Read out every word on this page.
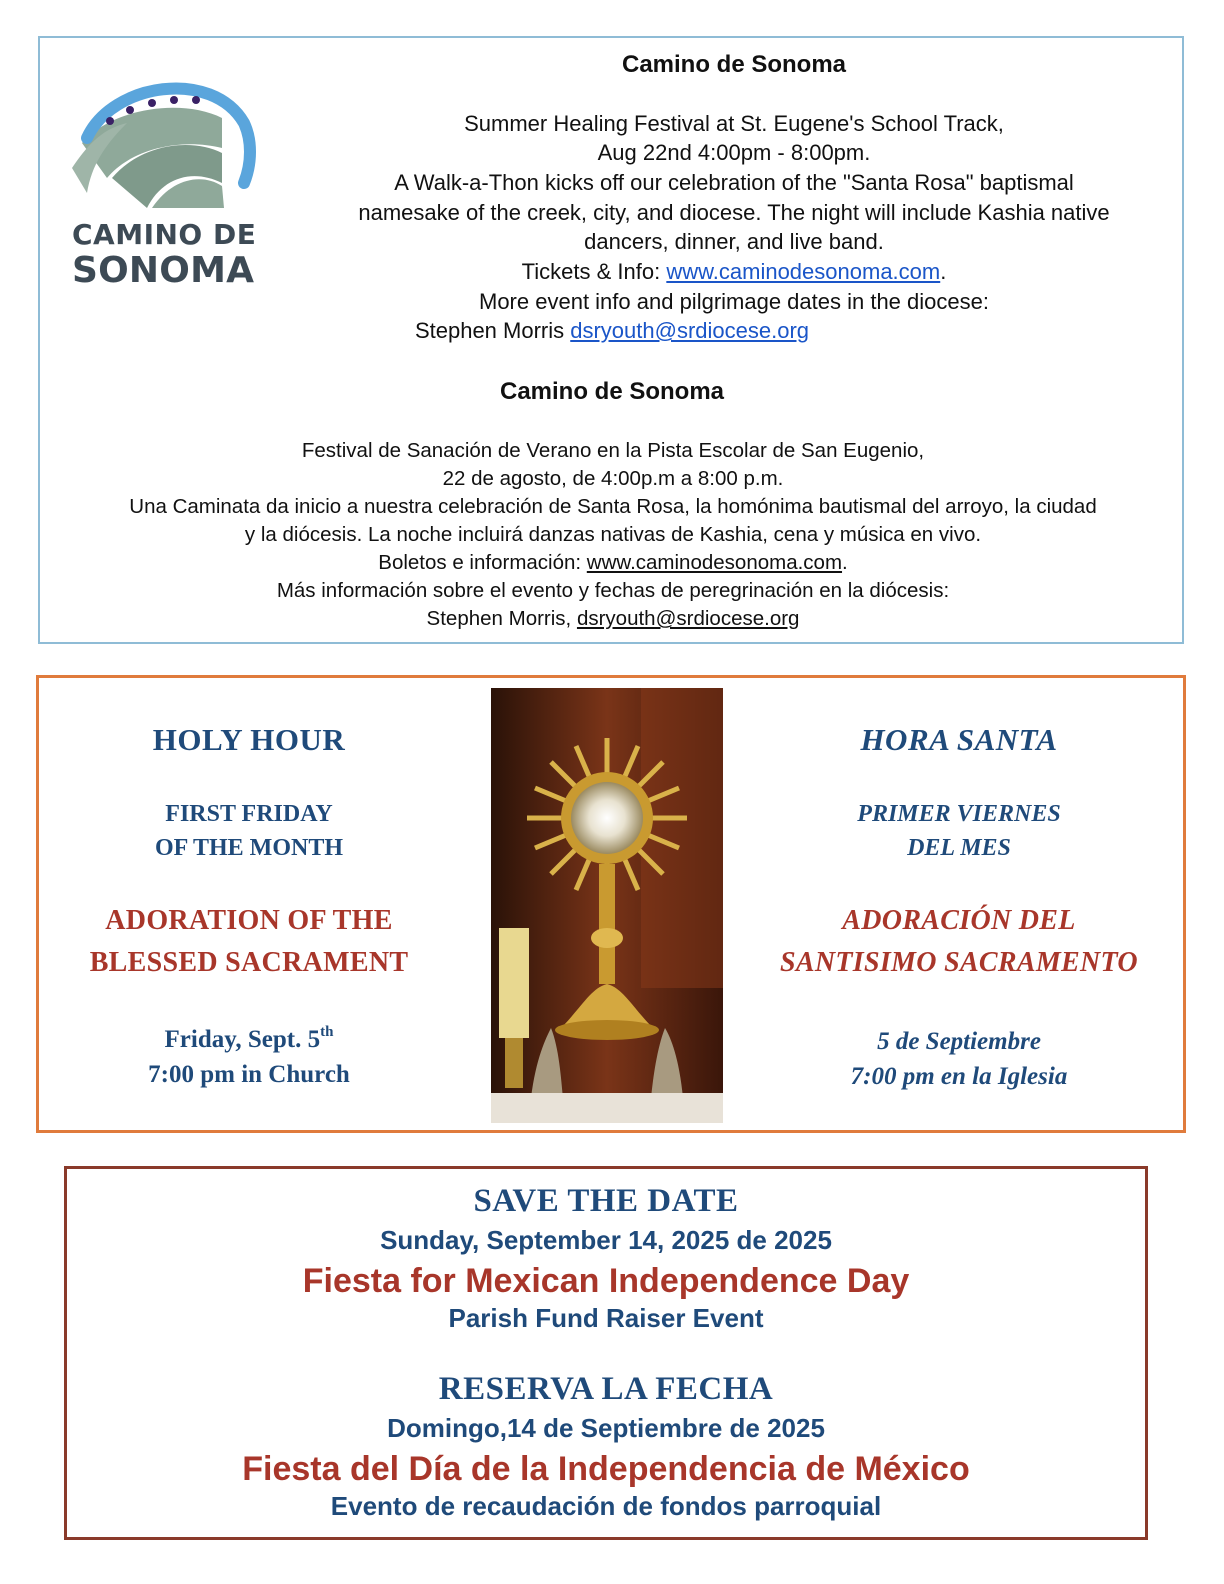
CAMINO DE
SONOMA
Camino de Sonoma
Summer Healing Festival at St. Eugene's School Track,
Aug 22nd 4:00pm - 8:00pm.
A Walk-a-Thon kicks off our celebration of the "Santa Rosa" baptismal
namesake of the creek, city, and diocese. The night will include Kashia native
dancers, dinner, and live band.
Tickets & Info: www.caminodesonoma.com.
More event info and pilgrimage dates in the diocese:
Stephen Morris dsryouth@srdiocese.org
Camino de Sonoma
Festival de Sanación de Verano en la Pista Escolar de San Eugenio,
22 de agosto, de 4:00p.m a 8:00 p.m.
Una Caminata da inicio a nuestra celebración de Santa Rosa, la homónima bautismal del arroyo, la ciudad
y la diócesis. La noche incluirá danzas nativas de Kashia, cena y música en vivo.
Boletos e información: www.caminodesonoma.com.
Más información sobre el evento y fechas de peregrinación en la diócesis:
Stephen Morris, dsryouth@srdiocese.org
HOLY HOUR
FIRST FRIDAY
OF THE MONTH
ADORATION OF THE
BLESSED SACRAMENT
Friday, Sept. 5th
7:00 pm in Church
HORA SANTA
PRIMER VIERNES
DEL MES
ADORACIÓN DEL
SANTISIMO SACRAMENTO
5 de Septiembre
7:00 pm en la Iglesia
SAVE THE DATE
Sunday, September 14, 2025 de 2025
Fiesta for Mexican Independence Day
Parish Fund Raiser Event
RESERVA LA FECHA
Domingo,14 de Septiembre de 2025
Fiesta del Día de la Independencia de México
Evento de recaudación de fondos parroquial
